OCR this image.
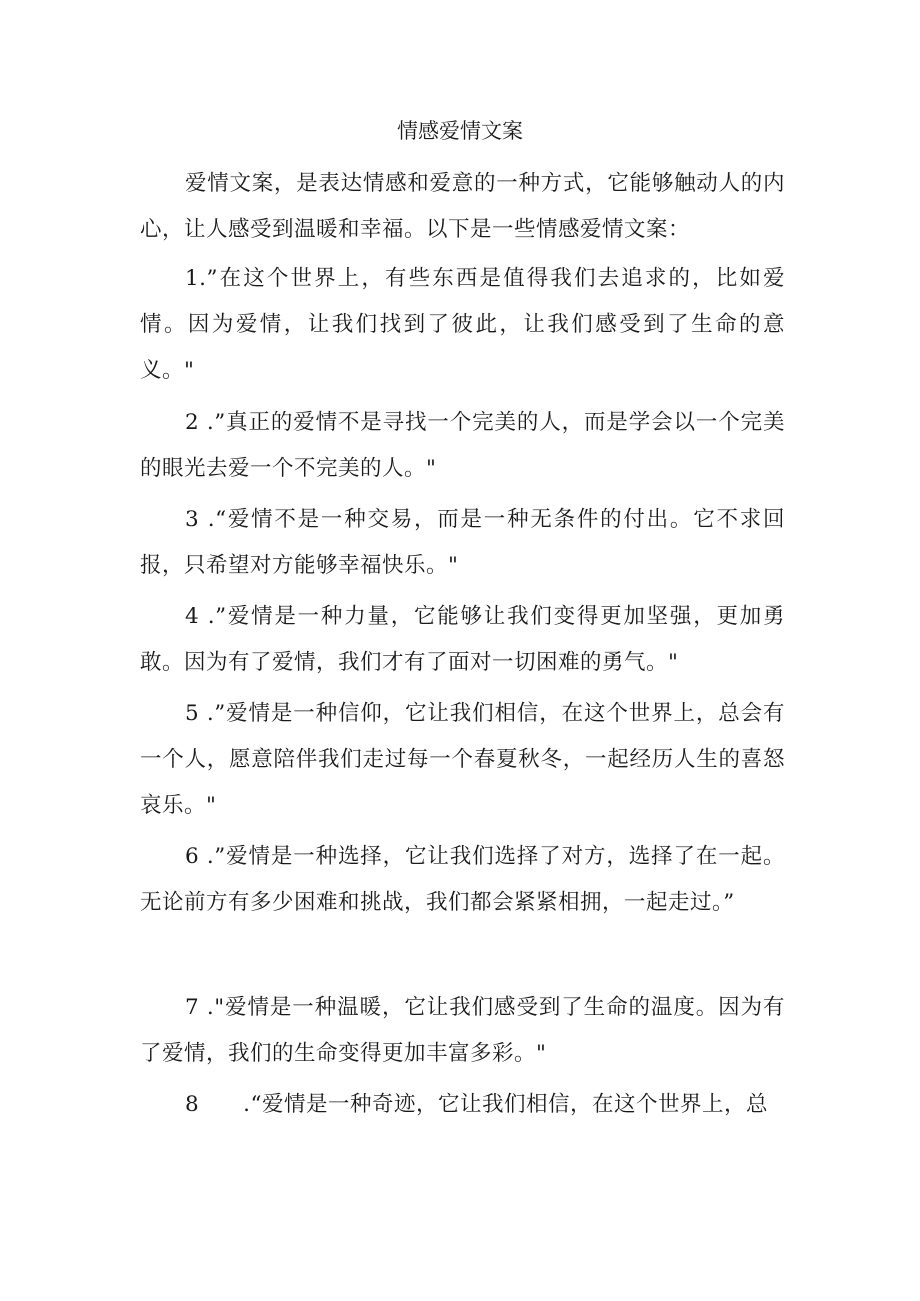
情感爱情文案

爱情文案，是表达情感和爱意的一种方式，它能够触动人的内心，让人感受到温暖和幸福。以下是一些情感爱情文案：

1.”在这个世界上，有些东西是值得我们去追求的，比如爱情。因为爱情，让我们找到了彼此，让我们感受到了生命的意义。"

2 .”真正的爱情不是寻找一个完美的人，而是学会以一个完美的眼光去爱一个不完美的人。"

3 .“爱情不是一种交易，而是一种无条件的付出。它不求回报，只希望对方能够幸福快乐。"

4 .”爱情是一种力量，它能够让我们变得更加坚强，更加勇敢。因为有了爱情，我们才有了面对一切困难的勇气。"

5 .”爱情是一种信仰，它让我们相信，在这个世界上，总会有一个人，愿意陪伴我们走过每一个春夏秋冬，一起经历人生的喜怒哀乐。"

6 .”爱情是一种选择，它让我们选择了对方，选择了在一起。无论前方有多少困难和挑战，我们都会紧紧相拥，一起走过。”

7 ."爱情是一种温暖，它让我们感受到了生命的温度。因为有了爱情，我们的生命变得更加丰富多彩。"

8      .“爱情是一种奇迹，它让我们相信，在这个世界上，总
